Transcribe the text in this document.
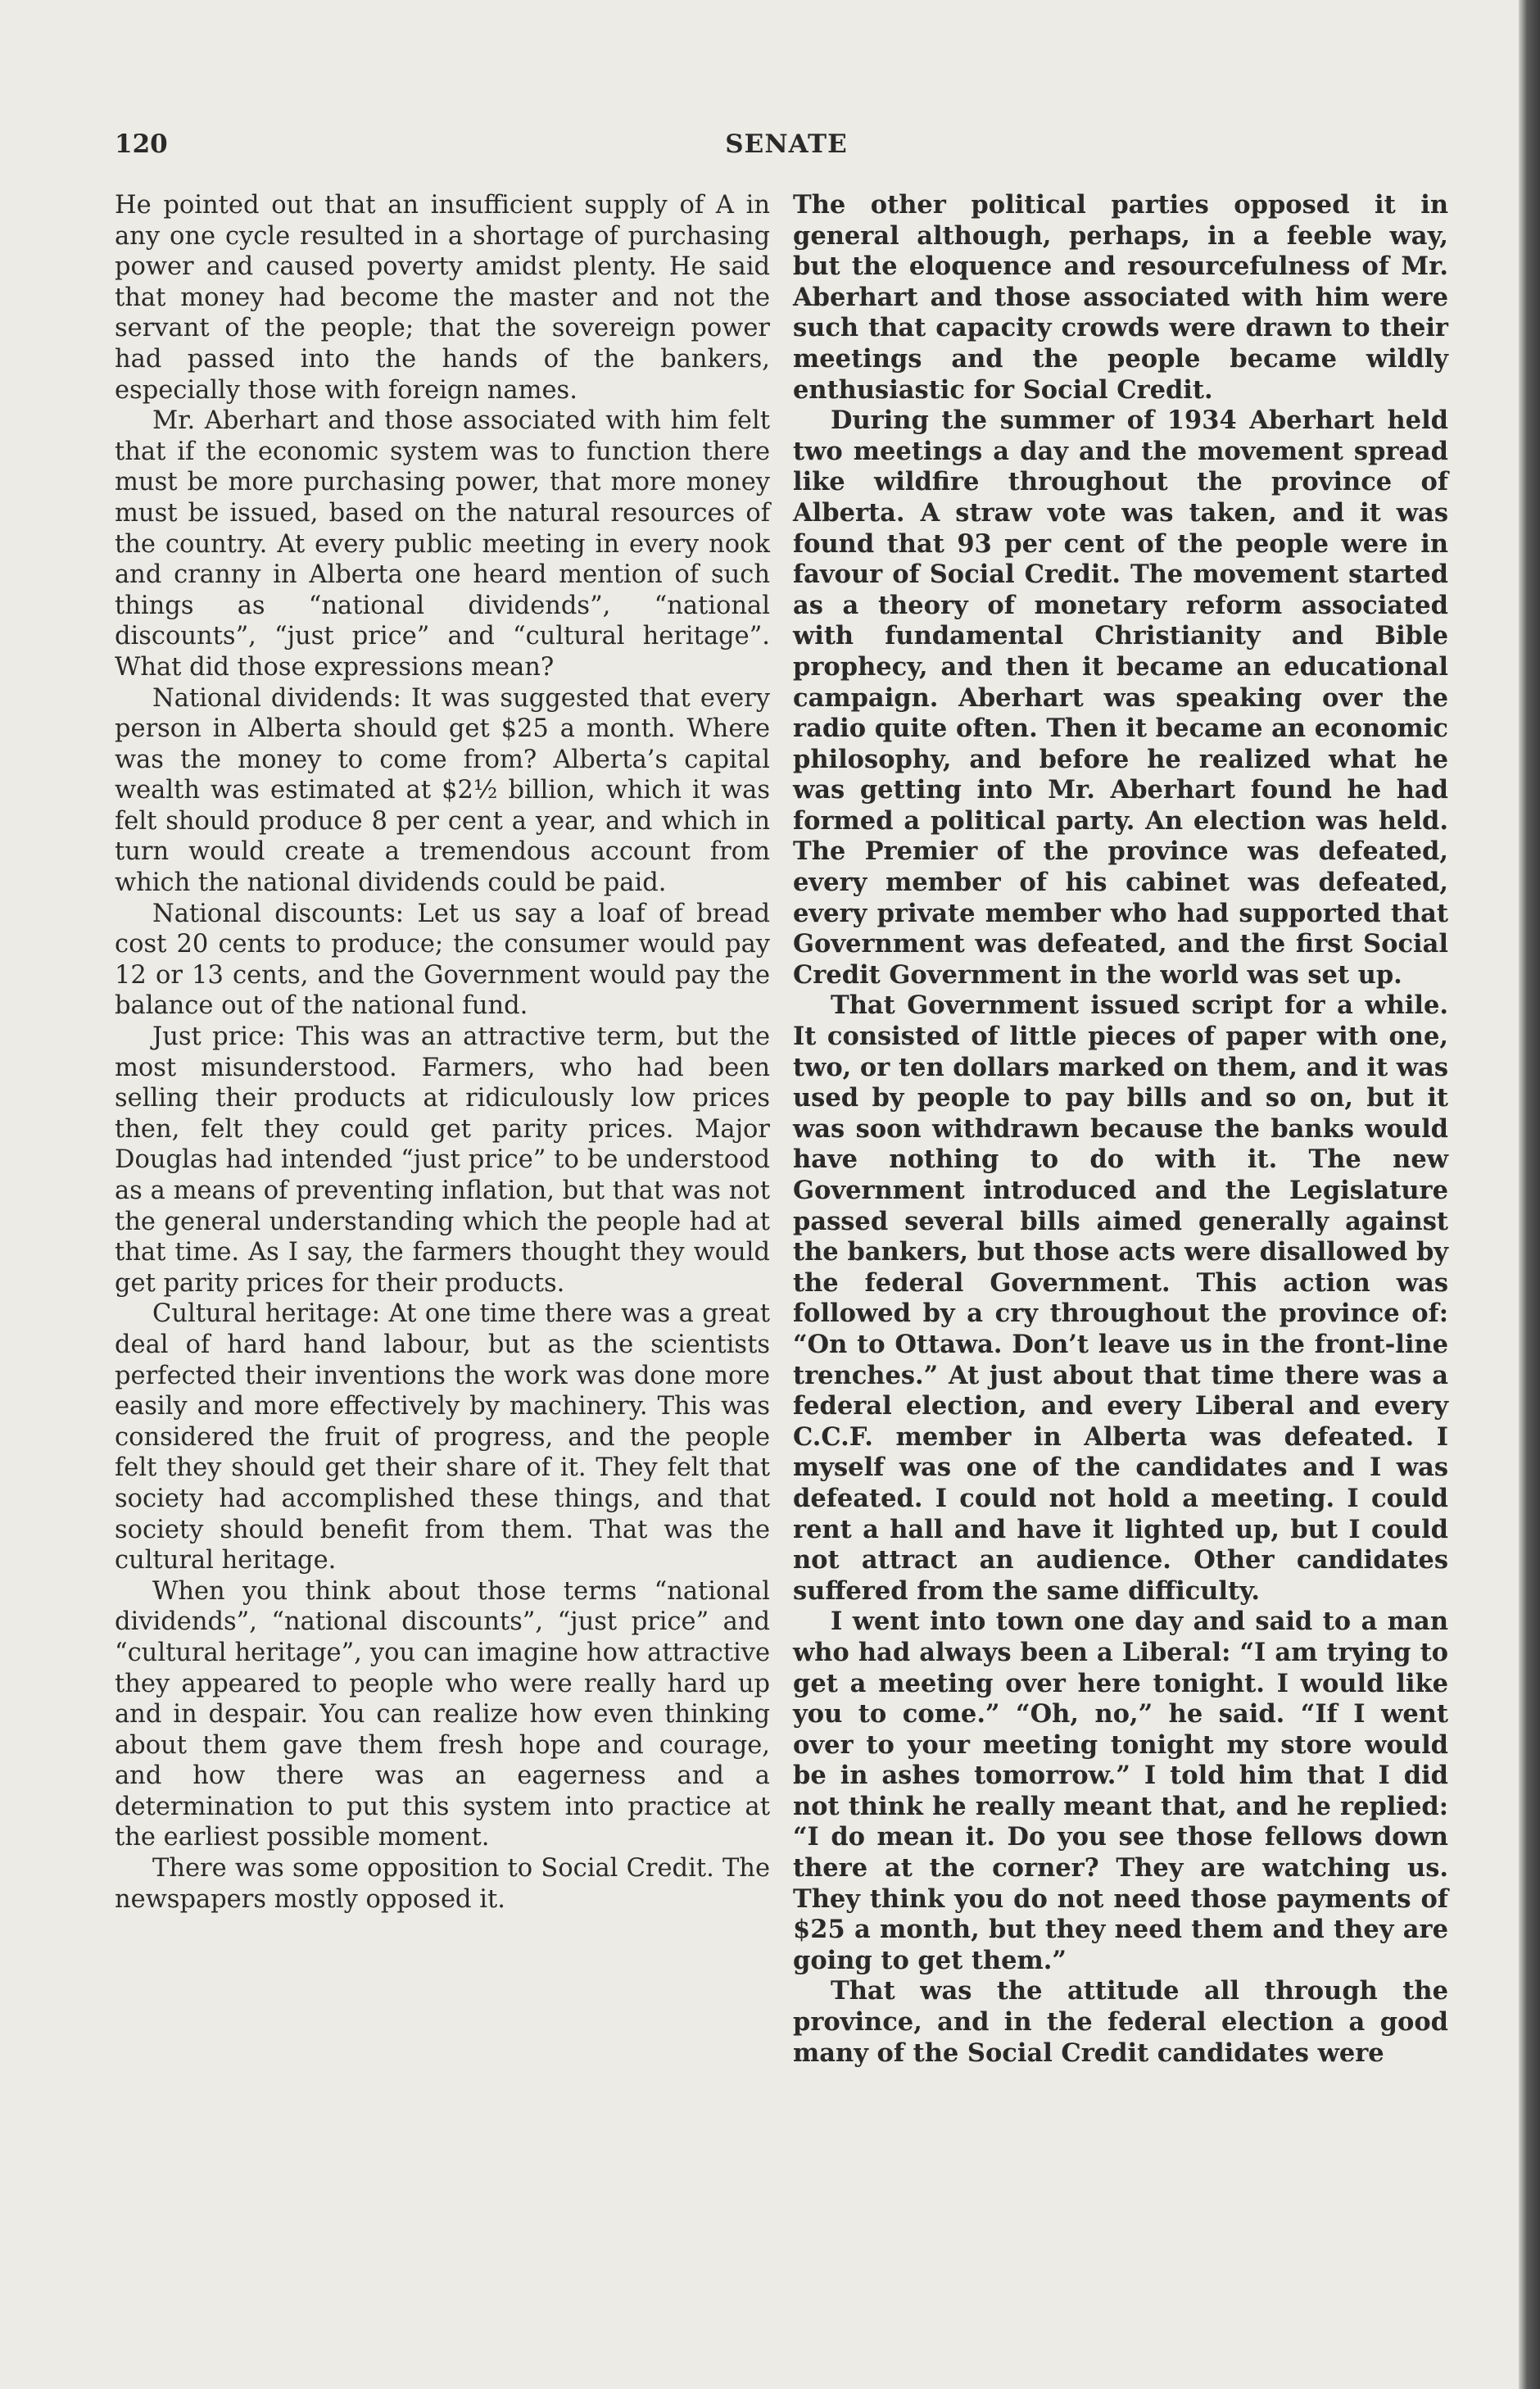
120	SENATE

He pointed out that an insufficient supply of A in any one cycle resulted in a shortage of purchasing power and caused poverty amidst plenty. He said that money had become the master and not the servant of the people; that the sovereign power had passed into the hands of the bankers, especially those with foreign names.

Mr. Aberhart and those associated with him felt that if the economic system was to function there must be more purchasing power, that more money must be issued, based on the natural resources of the country. At every public meeting in every nook and cranny in Alberta one heard mention of such things as “national dividends”, “national discounts”, “just price” and “cultural heritage”. What did those expressions mean?

National dividends: It was suggested that every person in Alberta should get $25 a month. Where was the money to come from? Alberta’s capital wealth was estimated at $2½ billion, which it was felt should produce 8 per cent a year, and which in turn would create a tremendous account from which the national dividends could be paid.

National discounts: Let us say a loaf of bread cost 20 cents to produce; the consumer would pay 12 or 13 cents, and the Government would pay the balance out of the national fund.

Just price: This was an attractive term, but the most misunderstood. Farmers, who had been selling their products at ridiculously low prices then, felt they could get parity prices. Major Douglas had intended “just price” to be understood as a means of preventing inflation, but that was not the general understanding which the people had at that time. As I say, the farmers thought they would get parity prices for their products.

Cultural heritage: At one time there was a great deal of hard hand labour, but as the scientists perfected their inventions the work was done more easily and more effectively by machinery. This was considered the fruit of progress, and the people felt they should get their share of it. They felt that society had accomplished these things, and that society should benefit from them. That was the cultural heritage.

When you think about those terms “national dividends”, “national discounts”, “just price” and “cultural heritage”, you can imagine how attractive they appeared to people who were really hard up and in despair. You can realize how even thinking about them gave them fresh hope and courage, and how there was an eagerness and a determination to put this system into practice at the earliest possible moment.

There was some opposition to Social Credit. The newspapers mostly opposed it.

The other political parties opposed it in general although, perhaps, in a feeble way, but the eloquence and resourcefulness of Mr. Aberhart and those associated with him were such that capacity crowds were drawn to their meetings and the people became wildly enthusiastic for Social Credit.

During the summer of 1934 Aberhart held two meetings a day and the movement spread like wildfire throughout the province of Alberta. A straw vote was taken, and it was found that 93 per cent of the people were in favour of Social Credit. The movement started as a theory of monetary reform associated with fundamental Christianity and Bible prophecy, and then it became an educational campaign. Aberhart was speaking over the radio quite often. Then it became an economic philosophy, and before he realized what he was getting into Mr. Aberhart found he had formed a political party. An election was held. The Premier of the province was defeated, every member of his cabinet was defeated, every private member who had supported that Government was defeated, and the first Social Credit Government in the world was set up.

That Government issued script for a while. It consisted of little pieces of paper with one, two, or ten dollars marked on them, and it was used by people to pay bills and so on, but it was soon withdrawn because the banks would have nothing to do with it. The new Government introduced and the Legislature passed several bills aimed generally against the bankers, but those acts were disallowed by the federal Government. This action was followed by a cry throughout the province of: “On to Ottawa. Don’t leave us in the front-line trenches.” At just about that time there was a federal election, and every Liberal and every C.C.F. member in Alberta was defeated. I myself was one of the candidates and I was defeated. I could not hold a meeting. I could rent a hall and have it lighted up, but I could not attract an audience. Other candidates suffered from the same difficulty.

I went into town one day and said to a man who had always been a Liberal: “I am trying to get a meeting over here tonight. I would like you to come.” “Oh, no,” he said. “If I went over to your meeting tonight my store would be in ashes tomorrow.” I told him that I did not think he really meant that, and he replied: “I do mean it. Do you see those fellows down there at the corner? They are watching us. They think you do not need those payments of $25 a month, but they need them and they are going to get them.”

That was the attitude all through the province, and in the federal election a good many of the Social Credit candidates were
